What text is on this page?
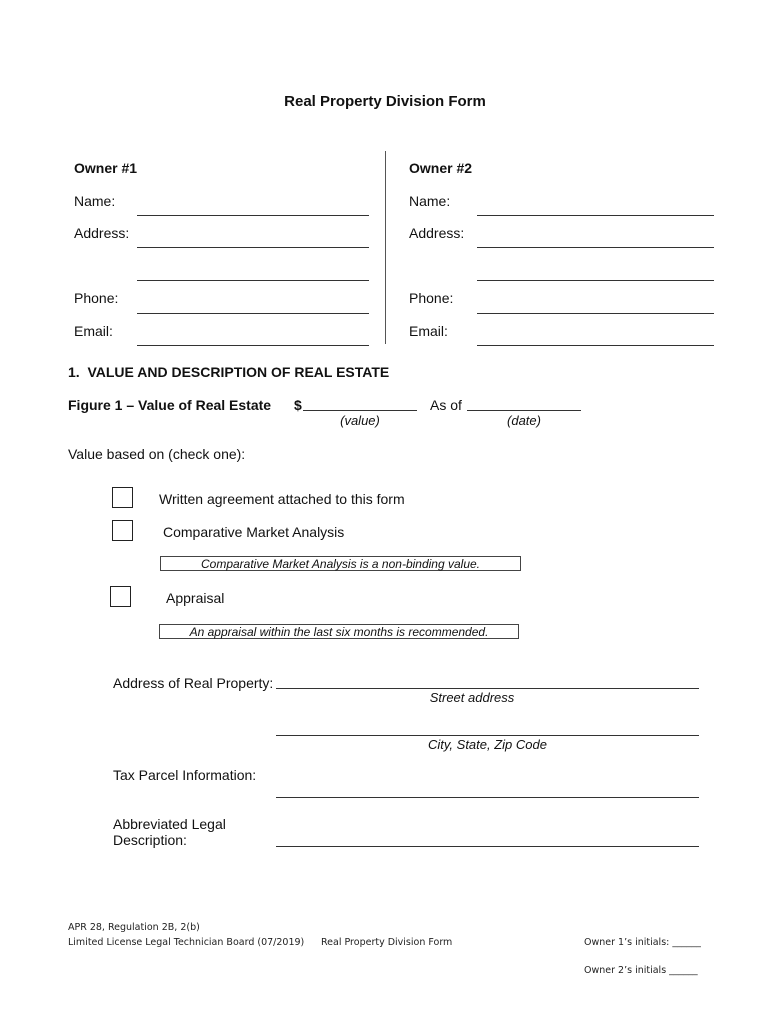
Real Property Division Form
Owner #1
Name:
Address:
Phone:
Email:
Owner #2
Name:
Address:
Phone:
Email:
1.  VALUE AND DESCRIPTION OF REAL ESTATE
Figure 1 – Value of Real Estate $
(value)
As of
(date)
Value based on (check one):
Written agreement attached to this form
Comparative Market Analysis
Comparative Market Analysis is a non-binding value.
Appraisal
An appraisal within the last six months is recommended.
Address of Real Property:
Street address
City, State, Zip Code
Tax Parcel Information:
Abbreviated Legal
Description:
APR 28, Regulation 2B, 2(b)
Limited License Legal Technician Board (07/2019) Real Property Division Form	Owner 1’s initials: ______
Owner 2’s initials ______
